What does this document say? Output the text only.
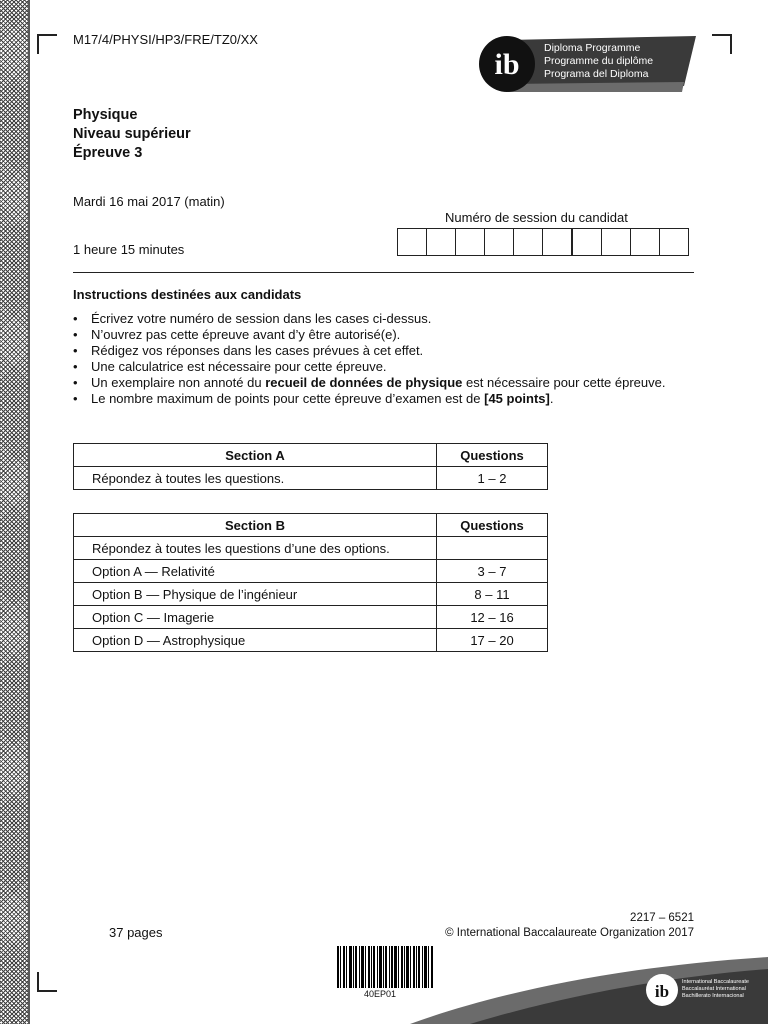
M17/4/PHYSI/HP3/FRE/TZ0/XX
ib Diploma Programme
Programme du diplôme
Programa del Diploma
Physique
Niveau supérieur
Épreuve 3
Mardi 16 mai 2017 (matin)
1 heure 15 minutes
Numéro de session du candidat
Instructions destinées aux candidats
• Écrivez votre numéro de session dans les cases ci-dessus.
• N’ouvrez pas cette épreuve avant d’y être autorisé(e).
• Rédigez vos réponses dans les cases prévues à cet effet.
• Une calculatrice est nécessaire pour cette épreuve.
• Un exemplaire non annoté du recueil de données de physique est nécessaire pour cette épreuve.
• Le nombre maximum de points pour cette épreuve d’examen est de [45 points].
Section A	Questions
Répondez à toutes les questions.	1 – 2
Section B	Questions
Répondez à toutes les questions d’une des options.	
Option A — Relativité	3 – 7
Option B — Physique de l’ingénieur	8 – 11
Option C — Imagerie	12 – 16
Option D — Astrophysique	17 – 20
37 pages
2217 – 6521
© International Baccalaureate Organization 2017
40EP01	ib International Baccalaureate
Baccalauréat International
Bachillerato Internacional
